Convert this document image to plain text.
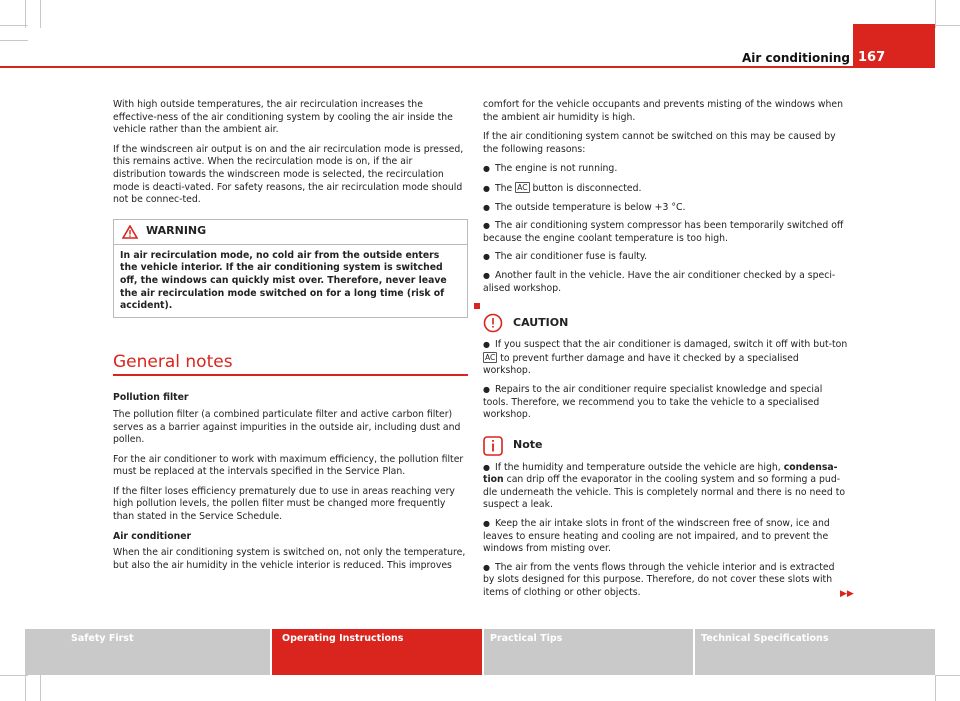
167
Air conditioning

With high outside temperatures, the air recirculation increases the effective-ness of the air conditioning system by cooling the air inside the vehicle rather than the ambient air.

If the windscreen air output is on and the air recirculation mode is pressed, this remains active. When the recirculation mode is on, if the air distribution towards the windscreen mode is selected, the recirculation mode is deacti-vated. For safety reasons, the air recirculation mode should not be connec-ted.

WARNING
In air recirculation mode, no cold air from the outside enters the vehicle interior. If the air conditioning system is switched off, the windows can quickly mist over. Therefore, never leave the air recirculation mode switched on for a long time (risk of accident).
General notes
Pollution filter

The pollution filter (a combined particulate filter and active carbon filter) serves as a barrier against impurities in the outside air, including dust and pollen.

For the air conditioner to work with maximum efficiency, the pollution filter must be replaced at the intervals specified in the Service Plan.

If the filter loses efficiency prematurely due to use in areas reaching very high pollution levels, the pollen filter must be changed more frequently than stated in the Service Schedule.

Air conditioner

When the air conditioning system is switched on, not only the temperature, but also the air humidity in the vehicle interior is reduced. This improves

comfort for the vehicle occupants and prevents misting of the windows when the ambient air humidity is high.

If the air conditioning system cannot be switched on this may be caused by the following reasons:

● The engine is not running.
● The AC button is disconnected.
● The outside temperature is below +3 °C.
● The air conditioning system compressor has been temporarily switched off because the engine coolant temperature is too high.
● The air conditioner fuse is faulty.
● Another fault in the vehicle. Have the air conditioner checked by a speci-alised workshop.
CAUTION
● If you suspect that the air conditioner is damaged, switch it off with but-ton AC to prevent further damage and have it checked by a specialised workshop.
● Repairs to the air conditioner require specialist knowledge and special tools. Therefore, we recommend you to take the vehicle to a specialised workshop.
Note
● If the humidity and temperature outside the vehicle are high, condensa-tion can drip off the evaporator in the cooling system and so forming a pud-dle underneath the vehicle. This is completely normal and there is no need to suspect a leak.
● Keep the air intake slots in front of the windscreen free of snow, ice and leaves to ensure heating and cooling are not impaired, and to prevent the windows from misting over.
● The air from the vents flows through the vehicle interior and is extracted by slots designed for this purpose. Therefore, do not cover these slots with items of clothing or other objects.	▶▶
Safety First	Operating Instructions	Practical Tips	Technical Specifications
